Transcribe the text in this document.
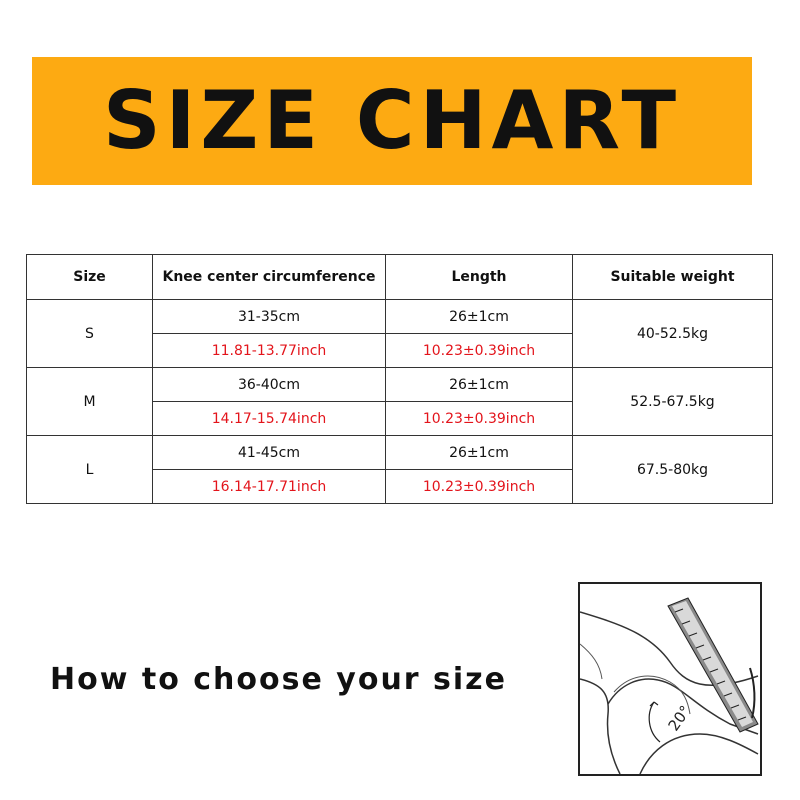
SIZE CHART
Size	Knee center circumference	Length	Suitable weight
S	31-35cm	26±1cm	40-52.5kg
	11.81-13.77inch	10.23±0.39inch	
M	36-40cm	26±1cm	52.5-67.5kg
	14.17-15.74inch	10.23±0.39inch	
L	41-45cm	26±1cm	67.5-80kg
	16.14-17.71inch	10.23±0.39inch	
How to choose your size
20°
